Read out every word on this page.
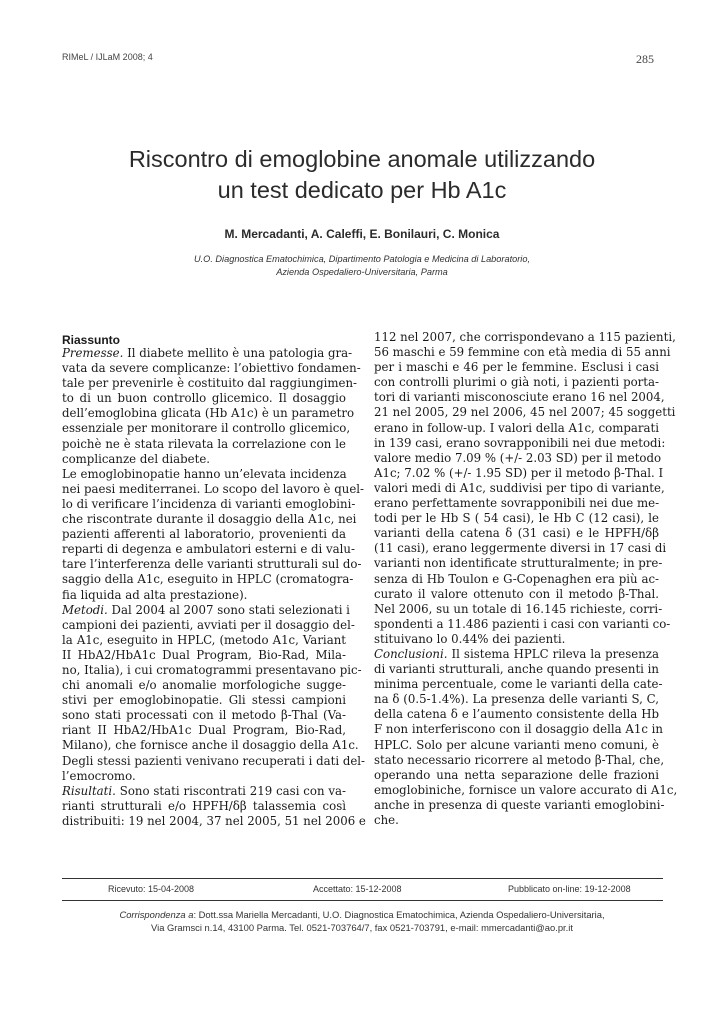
RIMeL / IJLaM 2008; 4	285
Riscontro di emoglobine anomale utilizzando
un test dedicato per Hb A1c
M. Mercadanti, A. Caleffi, E. Bonilauri, C. Monica
U.O. Diagnostica Ematochimica, Dipartimento Patologia e Medicina di Laboratorio,
Azienda Ospedaliero-Universitaria, Parma
Riassunto
Premesse. Il diabete mellito è una patologia gra-
vata da severe complicanze: l’obiettivo fondamen-
tale per prevenirle è costituito dal raggiungimen-
to di un buon controllo glicemico. Il dosaggio
dell’emoglobina glicata (Hb A1c) è un parametro
essenziale per monitorare il controllo glicemico,
poichè ne è stata rilevata la correlazione con le
complicanze del diabete.
Le emoglobinopatie hanno un’elevata incidenza
nei paesi mediterranei. Lo scopo del lavoro è quel-
lo di verificare l’incidenza di varianti emoglobini-
che riscontrate durante il dosaggio della A1c, nei
pazienti afferenti al laboratorio, provenienti da
reparti di degenza e ambulatori esterni e di valu-
tare l’interferenza delle varianti strutturali sul do-
saggio della A1c, eseguito in HPLC (cromatogra-
fia liquida ad alta prestazione).
Metodi. Dal 2004 al 2007 sono stati selezionati i
campioni dei pazienti, avviati per il dosaggio del-
la A1c, eseguito in HPLC, (metodo A1c, Variant
II HbA2/HbA1c Dual Program, Bio-Rad, Mila-
no, Italia), i cui cromatogrammi presentavano pic-
chi anomali e/o anomalie morfologiche sugge-
stivi per emoglobinopatie. Gli stessi campioni
sono stati processati con il metodo β-Thal (Va-
riant II HbA2/HbA1c Dual Program, Bio-Rad,
Milano), che fornisce anche il dosaggio della A1c.
Degli stessi pazienti venivano recuperati i dati del-
l’emocromo.
Risultati. Sono stati riscontrati 219 casi con va-
rianti strutturali e/o HPFH/δβ talassemia così
distribuiti: 19 nel 2004, 37 nel 2005, 51 nel 2006 e
112 nel 2007, che corrispondevano a 115 pazienti,
56 maschi e 59 femmine con età media di 55 anni
per i maschi e 46 per le femmine. Esclusi i casi
con controlli plurimi o già noti, i pazienti porta-
tori di varianti misconosciute erano 16 nel 2004,
21 nel 2005, 29 nel 2006, 45 nel 2007; 45 soggetti
erano in follow-up. I valori della A1c, comparati
in 139 casi, erano sovrapponibili nei due metodi:
valore medio 7.09 % (+/- 2.03 SD) per il metodo
A1c; 7.02 % (+/- 1.95 SD) per il metodo β-Thal. I
valori medi di A1c, suddivisi per tipo di variante,
erano perfettamente sovrapponibili nei due me-
todi per le Hb S ( 54 casi), le Hb C (12 casi), le
varianti della catena δ (31 casi) e le HPFH/δβ
(11 casi), erano leggermente diversi in 17 casi di
varianti non identificate strutturalmente; in pre-
senza di Hb Toulon e G-Copenaghen era più ac-
curato il valore ottenuto con il metodo β-Thal.
Nel 2006, su un totale di 16.145 richieste, corri-
spondenti a 11.486 pazienti i casi con varianti co-
stituivano lo 0.44% dei pazienti.
Conclusioni. Il sistema HPLC rileva la presenza
di varianti strutturali, anche quando presenti in
minima percentuale, come le varianti della cate-
na δ (0.5-1.4%). La presenza delle varianti S, C,
della catena δ e l’aumento consistente della Hb
F non interferiscono con il dosaggio della A1c in
HPLC. Solo per alcune varianti meno comuni, è
stato necessario ricorrere al metodo β-Thal, che,
operando una netta separazione delle frazioni
emoglobiniche, fornisce un valore accurato di A1c,
anche in presenza di queste varianti emoglobini-
che.
Ricevuto: 15-04-2008	Accettato: 15-12-2008	Pubblicato on-line: 19-12-2008
Corrispondenza a: Dott.ssa Mariella Mercadanti, U.O. Diagnostica Ematochimica, Azienda Ospedaliero-Universitaria,
Via Gramsci n.14, 43100 Parma. Tel. 0521-703764/7, fax 0521-703791, e-mail: mmercadanti@ao.pr.it
